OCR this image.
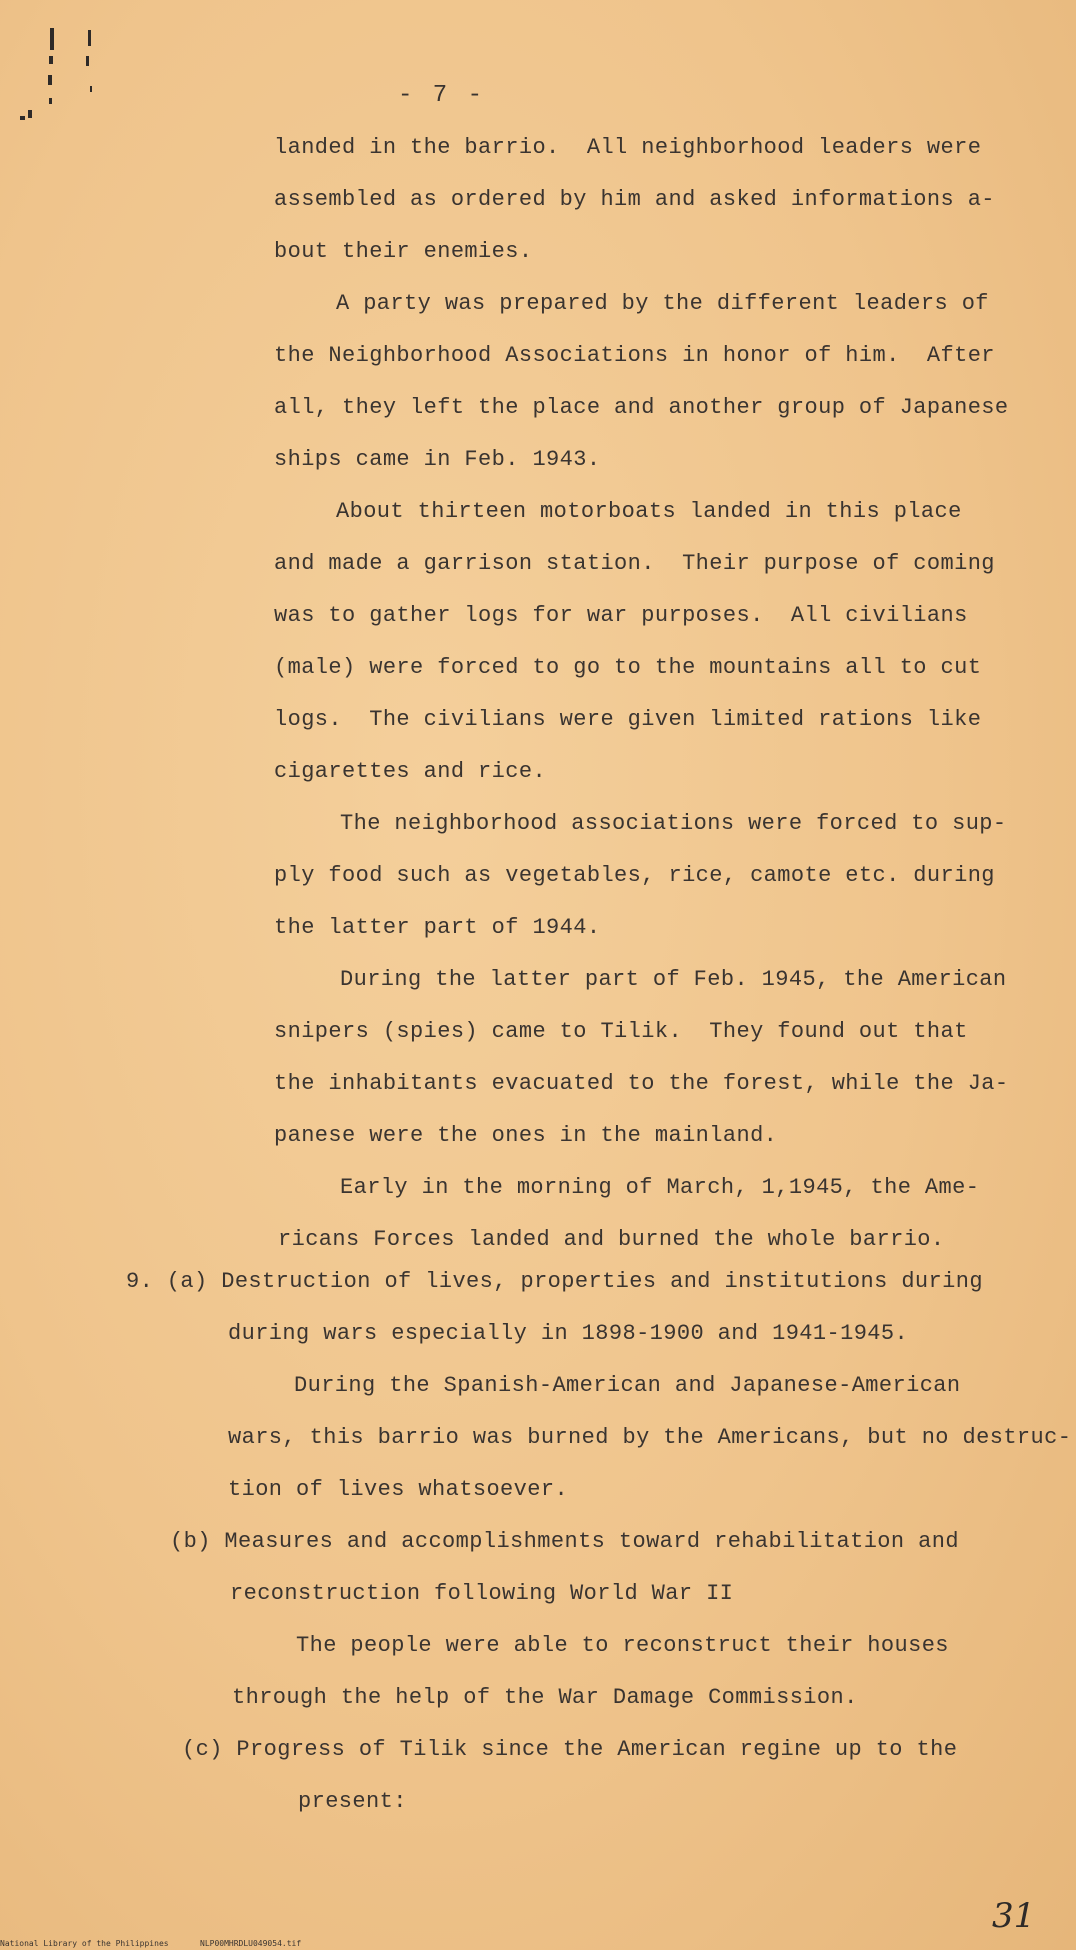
- 7 -
landed in the barrio.  All neighborhood leaders were
assembled as ordered by him and asked informations a-
bout their enemies.
A party was prepared by the different leaders of
the Neighborhood Associations in honor of him.  After
all, they left the place and another group of Japanese
ships came in Feb. 1943.
About thirteen motorboats landed in this place
and made a garrison station.  Their purpose of coming
was to gather logs for war purposes.  All civilians
(male) were forced to go to the mountains all to cut
logs.  The civilians were given limited rations like
cigarettes and rice.
The neighborhood associations were forced to sup-
ply food such as vegetables, rice, camote etc. during
the latter part of 1944.
During the latter part of Feb. 1945, the American
snipers (spies) came to Tilik.  They found out that
the inhabitants evacuated to the forest, while the Ja-
panese were the ones in the mainland.
Early in the morning of March, 1,1945, the Ame-
ricans Forces landed and burned the whole barrio.
9. (a) Destruction of lives, properties and institutions during
during wars especially in 1898-1900 and 1941-1945.
During the Spanish-American and Japanese-American
wars, this barrio was burned by the Americans, but no destruc-
tion of lives whatsoever.
(b) Measures and accomplishments toward rehabilitation and
reconstruction following World War II
The people were able to reconstruct their houses
through the help of the War Damage Commission.
(c) Progress of Tilik since the American regine up to the
present:
31
National Library of the Philippines	NLP00MHRDLU049054.tif
